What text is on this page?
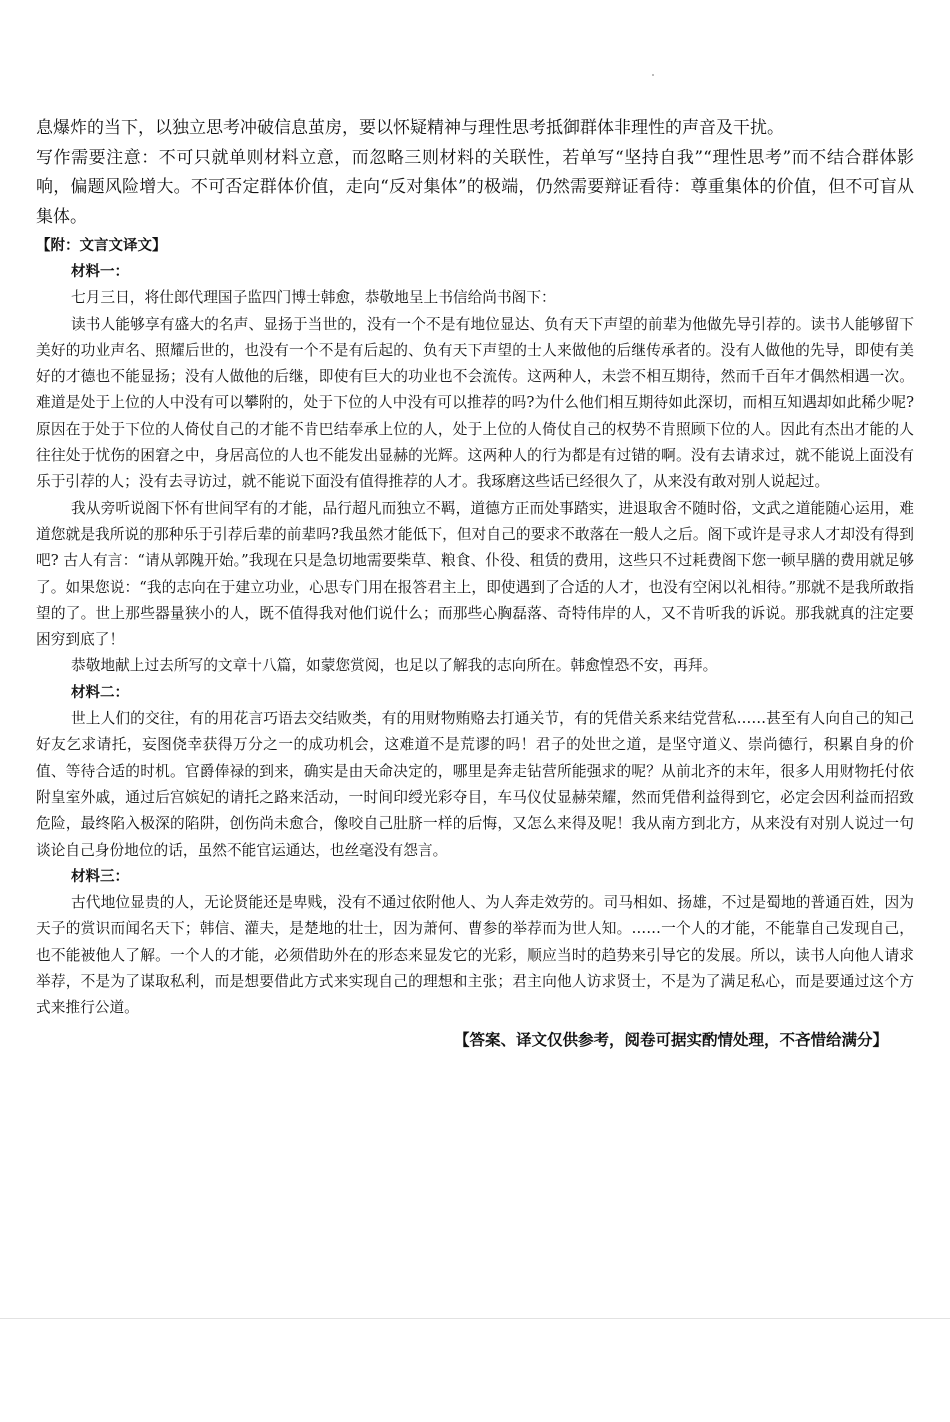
息爆炸的当下，以独立思考冲破信息茧房，要以怀疑精神与理性思考抵御群体非理性的声音及干扰。

写作需要注意：不可只就单则材料立意，而忽略三则材料的关联性，若单写“坚持自我”“理性思考”而不结合群体影响，偏题风险增大。不可否定群体价值，走向“反对集体”的极端，仍然需要辩证看待：尊重集体的价值，但不可盲从集体。

【附：文言文译文】

材料一：

七月三日，将仕郎代理国子监四门博士韩愈，恭敬地呈上书信给尚书阁下：

读书人能够享有盛大的名声、显扬于当世的，没有一个不是有地位显达、负有天下声望的前辈为他做先导引荐的。读书人能够留下美好的功业声名、照耀后世的，也没有一个不是有后起的、负有天下声望的士人来做他的后继传承者的。没有人做他的先导，即使有美好的才德也不能显扬；没有人做他的后继，即使有巨大的功业也不会流传。这两种人，未尝不相互期待，然而千百年才偶然相遇一次。难道是处于上位的人中没有可以攀附的，处于下位的人中没有可以推荐的吗?为什么他们相互期待如此深切，而相互知遇却如此稀少呢?原因在于处于下位的人倚仗自己的才能不肯巴结奉承上位的人，处于上位的人倚仗自己的权势不肯照顾下位的人。因此有杰出才能的人往往处于忧伤的困窘之中，身居高位的人也不能发出显赫的光辉。这两种人的行为都是有过错的啊。没有去请求过，就不能说上面没有乐于引荐的人；没有去寻访过，就不能说下面没有值得推荐的人才。我琢磨这些话已经很久了，从来没有敢对别人说起过。

我从旁听说阁下怀有世间罕有的才能，品行超凡而独立不羁，道德方正而处事踏实，进退取舍不随时俗，文武之道能随心运用，难道您就是我所说的那种乐于引荐后辈的前辈吗?我虽然才能低下，但对自己的要求不敢落在一般人之后。阁下或许是寻求人才却没有得到吧? 古人有言：“请从郭隗开始。”我现在只是急切地需要柴草、粮食、仆役、租赁的费用，这些只不过耗费阁下您一顿早膳的费用就足够了。如果您说：“我的志向在于建立功业，心思专门用在报答君主上，即使遇到了合适的人才，也没有空闲以礼相待。”那就不是我所敢指望的了。世上那些器量狭小的人，既不值得我对他们说什么；而那些心胸磊落、奇特伟岸的人，又不肯听我的诉说。那我就真的注定要困穷到底了！

恭敬地献上过去所写的文章十八篇，如蒙您赏阅，也足以了解我的志向所在。韩愈惶恐不安，再拜。

材料二：

世上人们的交往，有的用花言巧语去交结败类，有的用财物贿赂去打通关节，有的凭借关系来结党营私……甚至有人向自己的知己好友乞求请托，妄图侥幸获得万分之一的成功机会，这难道不是荒谬的吗！君子的处世之道，是坚守道义、崇尚德行，积累自身的价值、等待合适的时机。官爵俸禄的到来，确实是由天命决定的，哪里是奔走钻营所能强求的呢？从前北齐的末年，很多人用财物托付依附皇室外戚，通过后宫嫔妃的请托之路来活动，一时间印绶光彩夺目，车马仪仗显赫荣耀，然而凭借利益得到它，必定会因利益而招致危险，最终陷入极深的陷阱，创伤尚未愈合，像咬自己肚脐一样的后悔，又怎么来得及呢！我从南方到北方，从来没有对别人说过一句谈论自己身份地位的话，虽然不能官运通达，也丝毫没有怨言。

材料三：

古代地位显贵的人，无论贤能还是卑贱，没有不通过依附他人、为人奔走效劳的。司马相如、扬雄，不过是蜀地的普通百姓，因为天子的赏识而闻名天下；韩信、灌夫，是楚地的壮士，因为萧何、曹参的举荐而为世人知。……一个人的才能，不能靠自己发现自己，也不能被他人了解。一个人的才能，必须借助外在的形态来显发它的光彩，顺应当时的趋势来引导它的发展。所以，读书人向他人请求举荐，不是为了谋取私利，而是想要借此方式来实现自己的理想和主张；君主向他人访求贤士，不是为了满足私心，而是要通过这个方式来推行公道。

【答案、译文仅供参考，阅卷可据实酌情处理，不吝惜给满分】
